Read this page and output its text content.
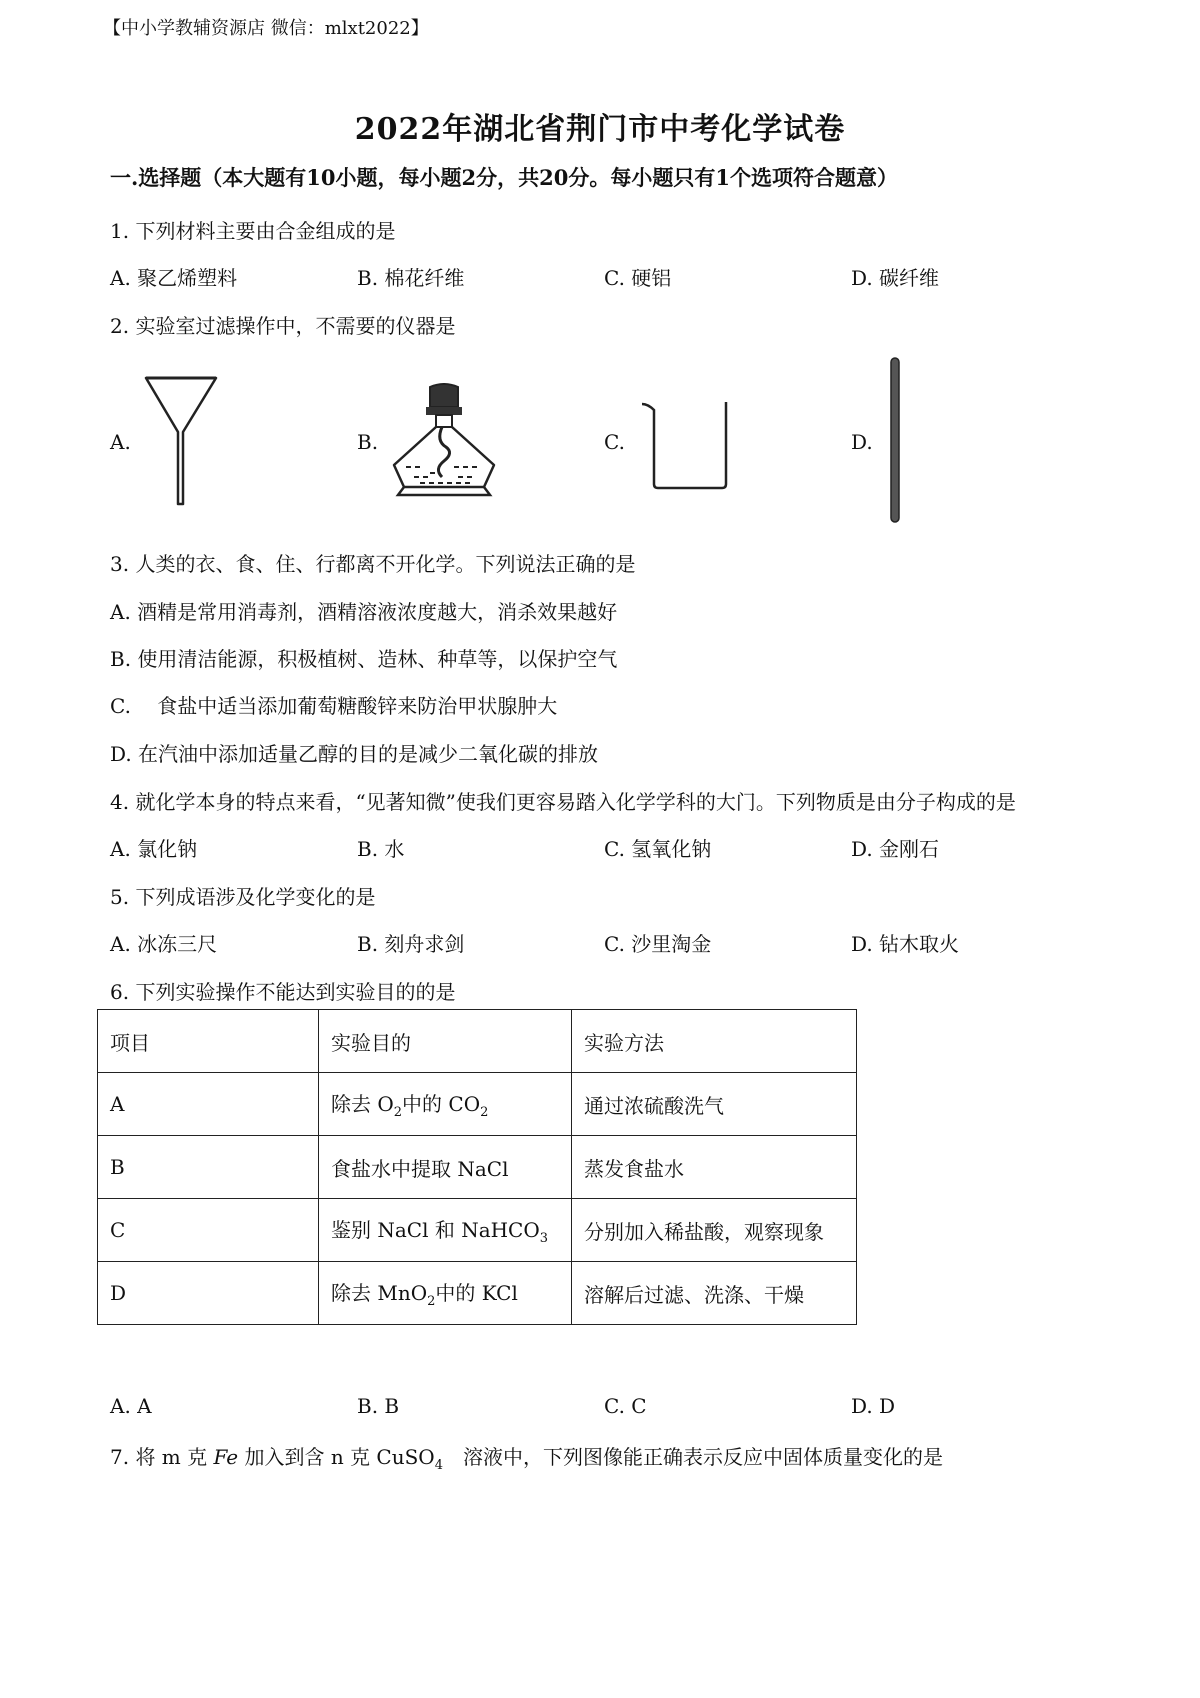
【中小学教辅资源店 微信：mlxt2022】
2022年湖北省荆门市中考化学试卷
一.选择题（本大题有10小题，每小题2分，共20分。每小题只有1个选项符合题意）
1. 下列材料主要由合金组成的是
A. 聚乙烯塑料	B. 棉花纤维	C. 硬铝	D. 碳纤维
2. 实验室过滤操作中，不需要的仪器是
A.	B.	C.	D.
3. 人类的衣、食、住、行都离不开化学。下列说法正确的是
A. 酒精是常用消毒剂，酒精溶液浓度越大，消杀效果越好
B. 使用清洁能源，积极植树、造林、种草等，以保护空气
C.　 食盐中适当添加葡萄糖酸锌来防治甲状腺肿大
D. 在汽油中添加适量乙醇的目的是减少二氧化碳的排放
4. 就化学本身的特点来看，“见著知微”使我们更容易踏入化学学科的大门。下列物质是由分子构成的是
A. 氯化钠	B. 水	C. 氢氧化钠	D. 金刚石
5. 下列成语涉及化学变化的是
A. 冰冻三尺	B. 刻舟求剑	C. 沙里淘金	D. 钻木取火
6. 下列实验操作不能达到实验目的的是
项目	实验目的	实验方法
A	除去 $O_2$中的 $CO_2$	通过浓硫酸洗气
B	食盐水中提取 NaCl	蒸发食盐水
C	鉴别 NaCl 和 NaHCO$_3$	分别加入稀盐酸，观察现象
D	除去 MnO$_2$中的 KCl	溶解后过滤、洗涤、干燥
A. A	B. B	C. C	D. D
7. 将 m 克 Fe 加入到含 n 克 CuSO$_4$　溶液中，下列图像能正确表示反应中固体质量变化的是
